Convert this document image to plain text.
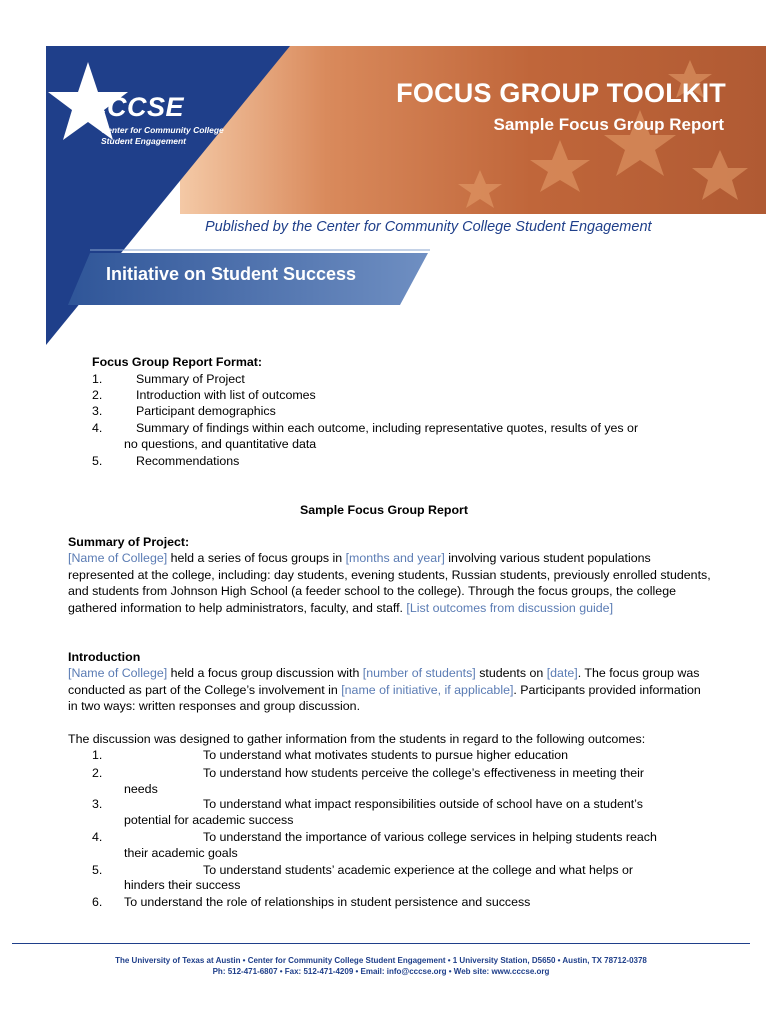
CCCSE
Center for Community College
Student Engagement
FOCUS GROUP TOOLKIT
Sample Focus Group Report
Published by the Center for Community College Student Engagement
Initiative on Student Success
Focus Group Report Format:
1.	Summary of Project
2.	Introduction with list of outcomes
3.	Participant demographics
4.	Summary of findings within each outcome, including representative quotes, results of yes or
no questions, and quantitative data
5.	Recommendations
Sample Focus Group Report
Summary of Project:
[Name of College] held a series of focus groups in [months and year] involving various student populations represented at the college, including: day students, evening students, Russian students, previously enrolled students, and students from Johnson High School (a feeder school to the college). Through the focus groups, the college gathered information to help administrators, faculty, and staff. [List outcomes from discussion guide]
Introduction
[Name of College] held a focus group discussion with [number of students] students on [date]. The focus group was conducted as part of the College’s involvement in [name of initiative, if applicable]. Participants provided information in two ways: written responses and group discussion.
The discussion was designed to gather information from the students in regard to the following outcomes:
1.	To understand what motivates students to pursue higher education
2.	To understand how students perceive the college’s effectiveness in meeting their
needs
3.	To understand what impact responsibilities outside of school have on a student’s
potential for academic success
4.	To understand the importance of various college services in helping students reach
their academic goals
5.	To understand students’ academic experience at the college and what helps or
hinders their success
6. To understand the role of relationships in student persistence and success
The University of Texas at Austin • Center for Community College Student Engagement • 1 University Station, D5650 • Austin, TX 78712-0378
Ph: 512-471-6807 • Fax: 512-471-4209 • Email: info@cccse.org • Web site: www.cccse.org
